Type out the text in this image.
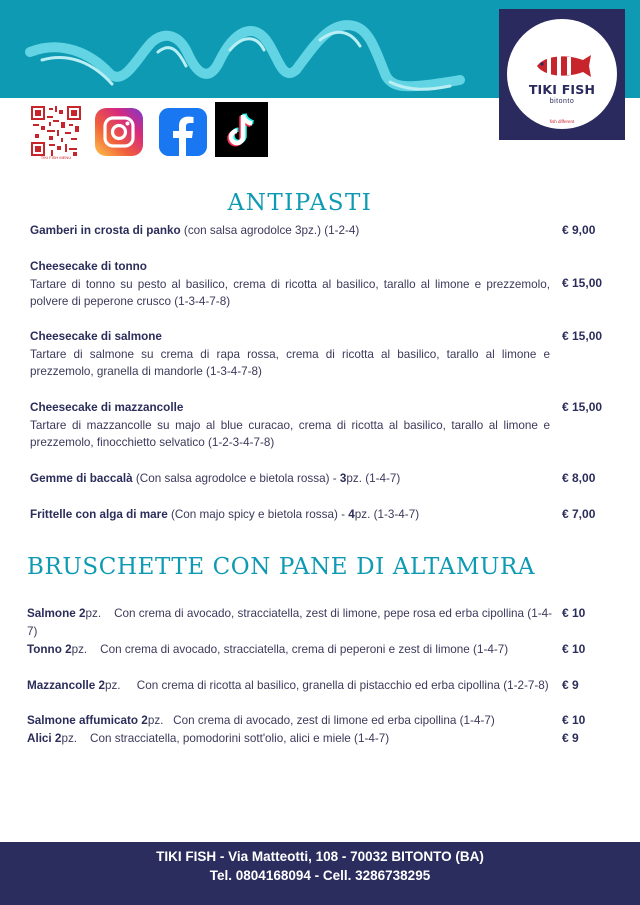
TIKI FISH
bitonto
fish different
TIKI FISH MENU
ANTIPASTI
Gamberi in crosta di panko (con salsa agrodolce 3pz.) (1-2-4)	€ 9,00
Cheesecake di tonno
Tartare di tonno su pesto al basilico, crema di ricotta al basilico, tarallo al limone e prezzemolo, polvere di peperone crusco (1-3-4-7-8)
€ 15,00
Cheesecake di salmone
Tartare di salmone su crema di rapa rossa, crema di ricotta al basilico, tarallo al limone e prezzemolo, granella di mandorle (1-3-4-7-8)
€ 15,00
Cheesecake di mazzancolle
Tartare di mazzancolle su majo al blue curacao, crema di ricotta al basilico, tarallo al limone e prezzemolo, finocchietto selvatico (1-2-3-4-7-8)
€ 15,00
Gemme di baccalà (Con salsa agrodolce e bietola rossa) - 3pz. (1-4-7)	€ 8,00
Frittelle con alga di mare (Con majo spicy e bietola rossa) - 4pz. (1-3-4-7)	€ 7,00
BRUSCHETTE CON PANE DI ALTAMURA
Salmone 2pz. Con crema di avocado, stracciatella, zest di limone, pepe rosa ed erba cipollina (1-4-7)
€ 10
Tonno 2pz. Con crema di avocado, stracciatella, crema di peperoni e zest di limone (1-4-7)	€ 10
Mazzancolle 2pz. Con crema di ricotta al basilico, granella di pistacchio ed erba cipollina (1-2-7-8) € 9
Salmone affumicato 2pz. Con crema di avocado, zest di limone ed erba cipollina (1-4-7)	€ 10
Alici 2pz. Con stracciatella, pomodorini sott'olio, alici e miele (1-4-7)	€ 9
TIKI FISH - Via Matteotti, 108 - 70032 BITONTO (BA)
Tel. 0804168094 - Cell. 3286738295
